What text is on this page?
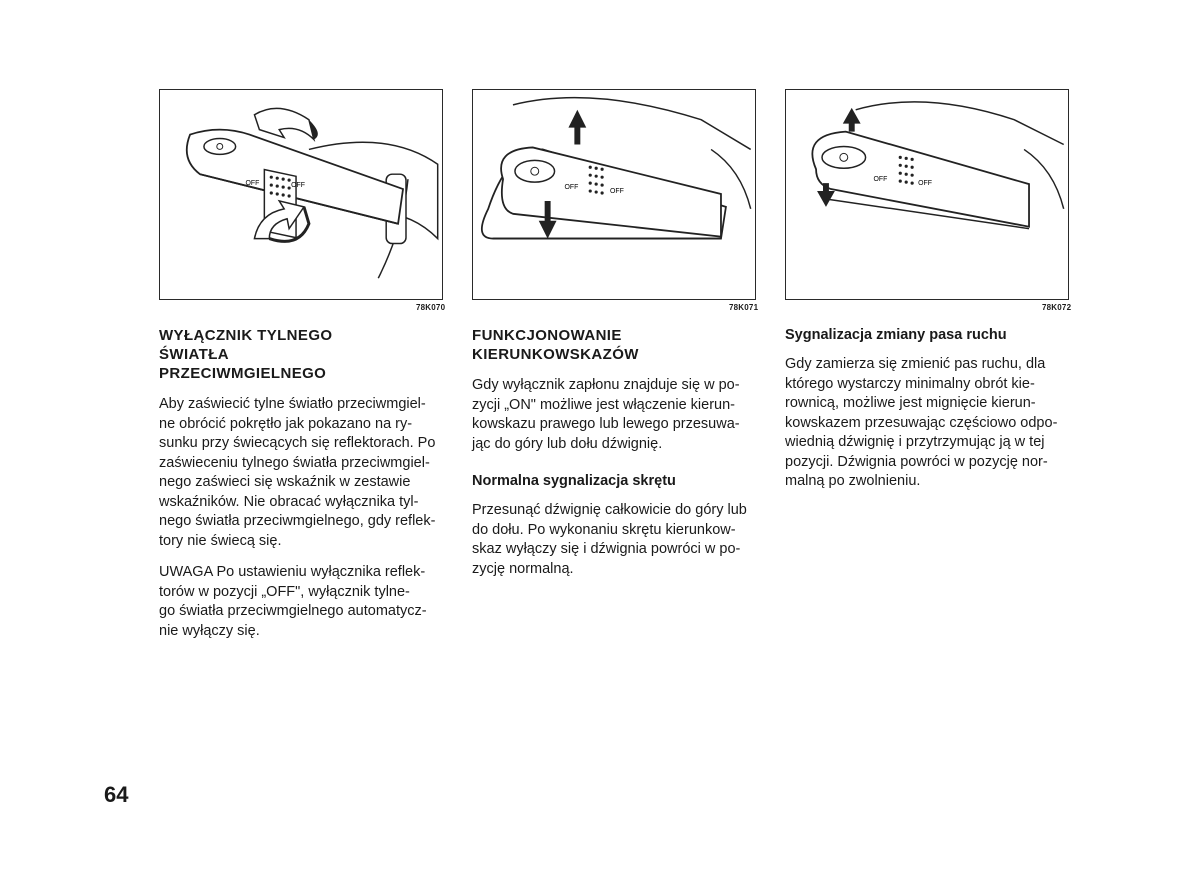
OFF	OFF
78K070
OFF
OFF
78K071
OFF
OFF
78K072
WYŁĄCZNIK TYLNEGO
ŚWIATŁA
PRZECIWMGIELNEGO
Aby zaświecić tylne światło przeciwmgiel-
ne obrócić pokrętło jak pokazano na ry-
sunku przy świecących się reflektorach. Po
zaświeceniu tylnego światła przeciwmgiel-
nego zaświeci się wskaźnik w zestawie
wskaźników. Nie obracać wyłącznika tyl-
nego światła przeciwmgielnego, gdy reflek-
tory nie świecą się.
UWAGA Po ustawieniu wyłącznika reflek-
torów w pozycji „OFF", wyłącznik tylne-
go światła przeciwmgielnego automatycz-
nie wyłączy się.
FUNKCJONOWANIE
KIERUNKOWSKAZÓW
Gdy wyłącznik zapłonu znajduje się w po-
zycji „ON" możliwe jest włączenie kierun-
kowskazu prawego lub lewego przesuwa-
jąc do góry lub dołu dźwignię.
Normalna sygnalizacja skrętu
Przesunąć dźwignię całkowicie do góry lub
do dołu. Po wykonaniu skrętu kierunkow-
skaz wyłączy się i dźwignia powróci w po-
zycję normalną.
Sygnalizacja zmiany pasa ruchu
Gdy zamierza się zmienić pas ruchu, dla
którego wystarczy minimalny obrót kie-
rownicą, możliwe jest mignięcie kierun-
kowskazem przesuwając częściowo odpo-
wiednią dźwignię i przytrzymując ją w tej
pozycji. Dźwignia powróci w pozycję nor-
malną po zwolnieniu.
64
